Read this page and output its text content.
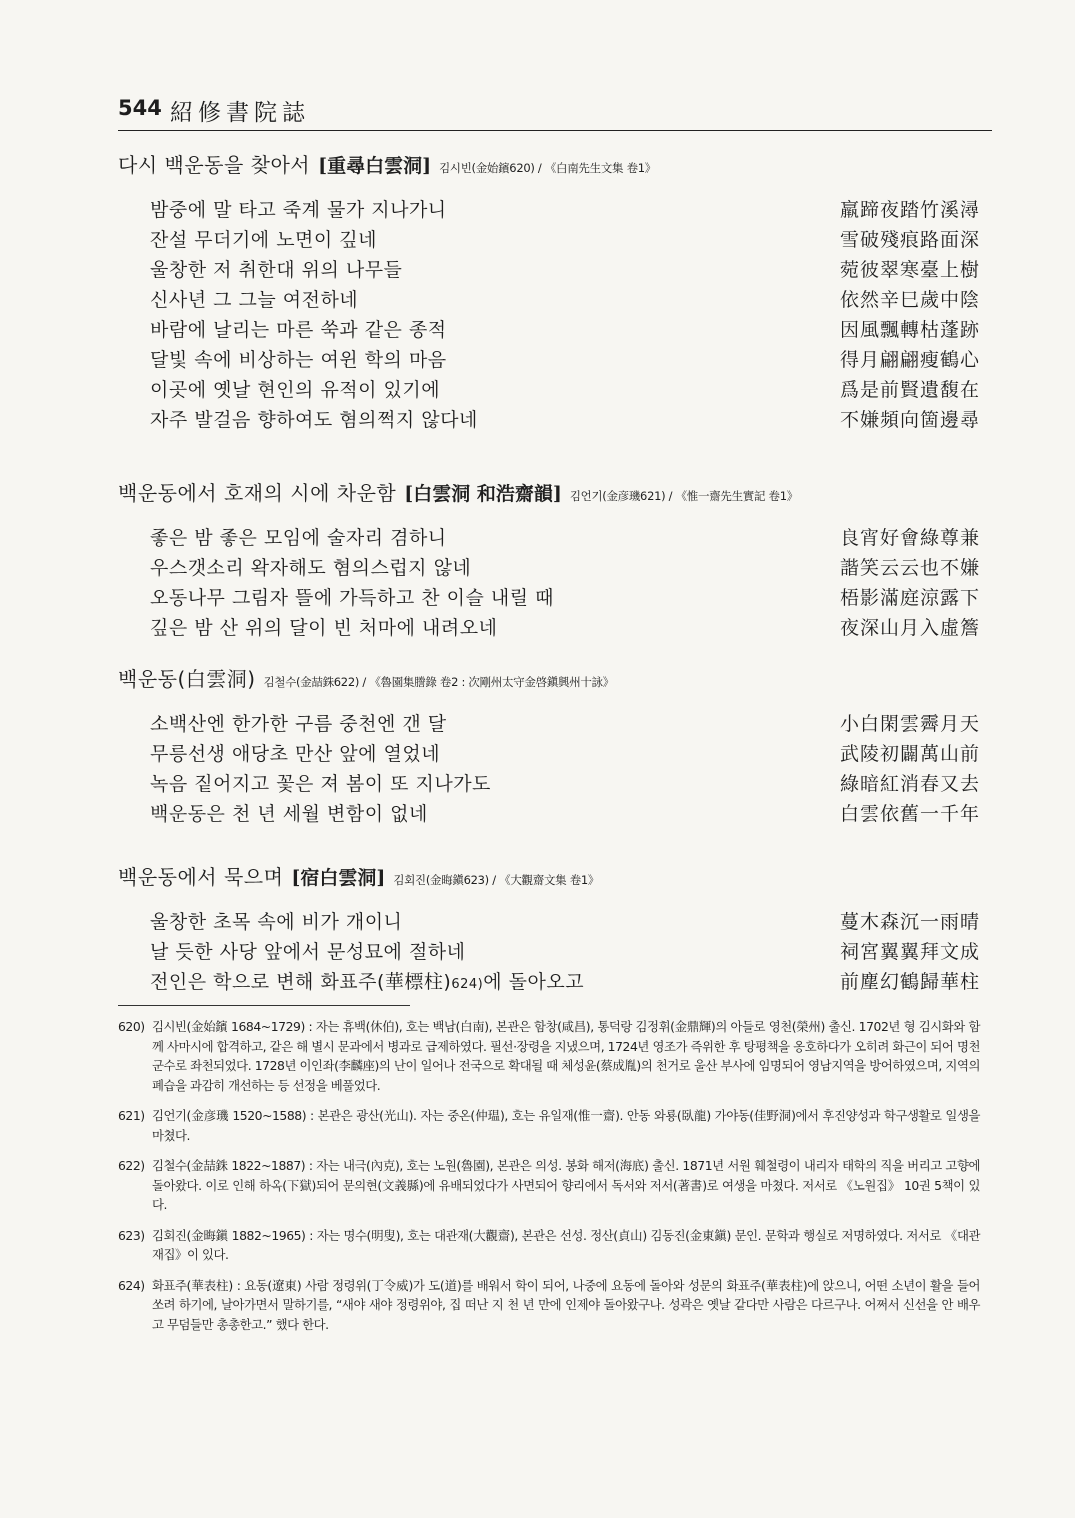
544 紹修書院誌
다시 백운동을 찾아서 [重尋白雲洞] 김시빈(金始鑌620) / 《白南先生文集 卷1》
밤중에 말 타고 죽계 물가 지나가니	羸蹄夜踏竹溪潯
잔설 무더기에 노면이 깊네	雪破殘痕路面深
울창한 저 취한대 위의 나무들	菀彼翠寒臺上樹
신사년 그 그늘 여전하네	依然辛巳歲中陰
바람에 날리는 마른 쑥과 같은 종적	因風飄轉枯蓬跡
달빛 속에 비상하는 여윈 학의 마음	得月翩翩瘦鶴心
이곳에 옛날 현인의 유적이 있기에	爲是前賢遺馥在
자주 발걸음 향하여도 혐의쩍지 않다네	不嫌頻向箇邊尋
백운동에서 호재의 시에 차운함 [白雲洞 和浩齋韻] 김언기(金彦璣621) / 《惟一齋先生實記 卷1》
좋은 밤 좋은 모임에 술자리 겸하니	良宵好會綠尊兼
우스갯소리 왁자해도 혐의스럽지 않네	諧笑云云也不嫌
오동나무 그림자 뜰에 가득하고 찬 이슬 내릴 때	梧影滿庭涼露下
깊은 밤 산 위의 달이 빈 처마에 내려오네	夜深山月入虛簷
백운동(白雲洞) 김철수(金喆銖622) / 《魯園集謄錄 卷2 : 次剛州太守金啓鎭興州十詠》
소백산엔 한가한 구름 중천엔 갠 달	小白閑雲霽月天
무릉선생 애당초 만산 앞에 열었네	武陵初闢萬山前
녹음 짙어지고 꽃은 져 봄이 또 지나가도	綠暗紅消春又去
백운동은 천 년 세월 변함이 없네	白雲依舊一千年
백운동에서 묵으며 [宿白雲洞] 김회진(金晦鎭623) / 《大觀齋文集 卷1》
울창한 초목 속에 비가 개이니	蔓木森沉一雨晴
날 듯한 사당 앞에서 문성묘에 절하네	祠宮翼翼拜文成
전인은 학으로 변해 화표주(華標柱)624)에 돌아오고	前塵幻鶴歸華柱
620) 김시빈(金始鑌 1684~1729) : 자는 휴백(休伯), 호는 백남(白南), 본관은 함창(咸昌), 통덕랑 김정휘(金鼎輝)의 아들로 영천(榮州) 출신. 1702년 형 김시화와 함께 사마시에 합격하고, 같은 해 별시 문과에서 병과로 급제하였다. 필선·장령을 지냈으며, 1724년 영조가 즉위한 후 탕평책을 옹호하다가 오히려 화근이 되어 명천 군수로 좌천되었다. 1728년 이인좌(李麟座)의 난이 일어나 전국으로 확대될 때 체성윤(蔡成胤)의 천거로 울산 부사에 임명되어 영남지역을 방어하였으며, 지역의 폐습을 과감히 개선하는 등 선정을 베풀었다.
621) 김언기(金彦璣 1520~1588) : 본관은 광산(光山). 자는 중온(仲瑥), 호는 유일재(惟一齋). 안동 와룡(臥龍) 가야동(佳野洞)에서 후진양성과 학구생활로 일생을 마쳤다.
622) 김철수(金喆銖 1822~1887) : 자는 내극(內克), 호는 노원(魯園), 본관은 의성. 봉화 해저(海底) 출신. 1871년 서원 훼철령이 내리자 태학의 직을 버리고 고향에 돌아왔다. 이로 인해 하옥(下獄)되어 문의현(文義縣)에 유배되었다가 사면되어 향리에서 독서와 저서(著書)로 여생을 마쳤다. 저서로 《노원집》 10권 5책이 있다.
623) 김회진(金晦鎭 1882~1965) : 자는 명수(明叟), 호는 대관재(大觀齋), 본관은 선성. 정산(貞山) 김동진(金東鎭) 문인. 문학과 행실로 저명하였다. 저서로 《대관재집》이 있다.
624) 화표주(華表柱) : 요동(遼東) 사람 정령위(丁令威)가 도(道)를 배워서 학이 되어, 나중에 요동에 돌아와 성문의 화표주(華表柱)에 앉으니, 어떤 소년이 활을 들어 쏘려 하기에, 날아가면서 말하기를, “새야 새야 정령위야, 집 떠난 지 천 년 만에 인제야 돌아왔구나. 성곽은 옛날 같다만 사람은 다르구나. 어쩌서 신선을 안 배우고 무덤들만 총총한고.” 했다 한다.
